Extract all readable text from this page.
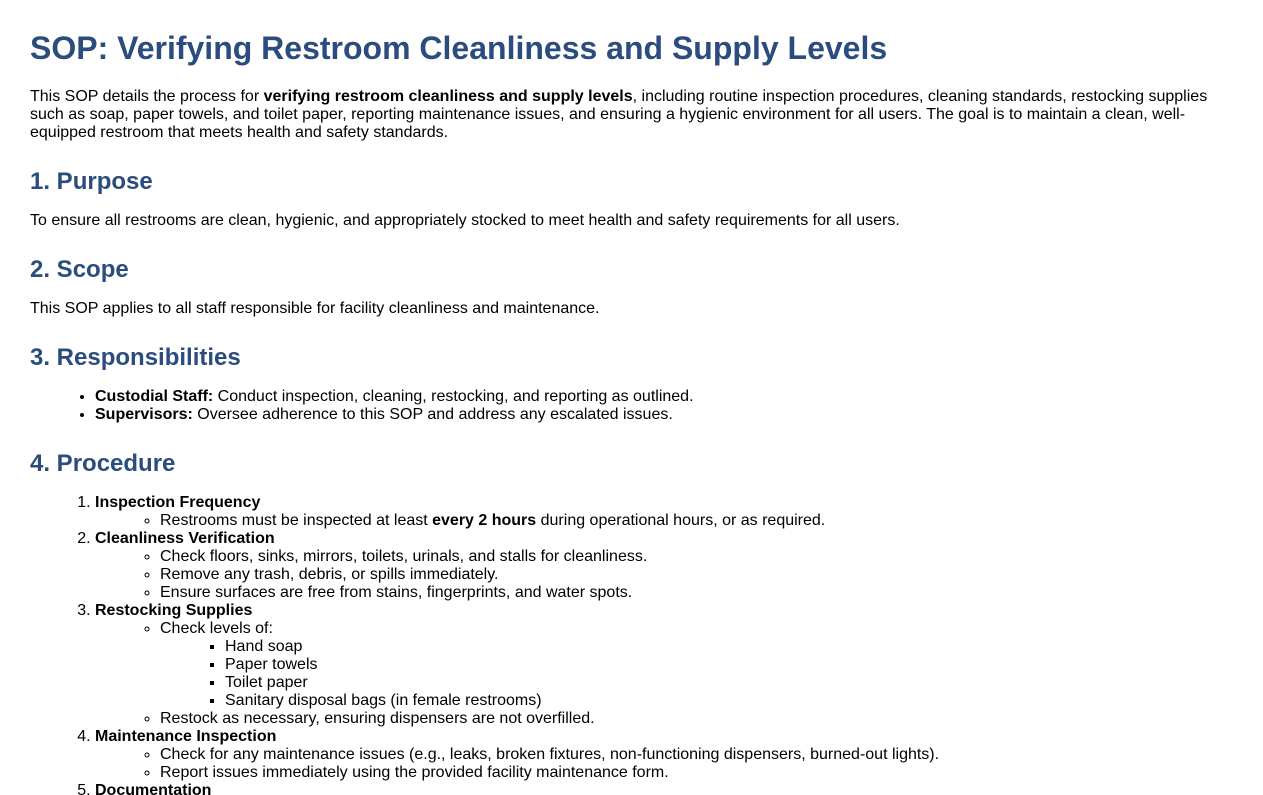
SOP: Verifying Restroom Cleanliness and Supply Levels

This SOP details the process for verifying restroom cleanliness and supply levels, including routine inspection procedures, cleaning standards, restocking supplies such as soap, paper towels, and toilet paper, reporting maintenance issues, and ensuring a hygienic environment for all users. The goal is to maintain a clean, well-equipped restroom that meets health and safety standards.

1. Purpose

To ensure all restrooms are clean, hygienic, and appropriately stocked to meet health and safety requirements for all users.

2. Scope

This SOP applies to all staff responsible for facility cleanliness and maintenance.

3. Responsibilities
• Custodial Staff: Conduct inspection, cleaning, restocking, and reporting as outlined.
• Supervisors: Oversee adherence to this SOP and address any escalated issues.
4. Procedure
1. Inspection Frequency
◦ Restrooms must be inspected at least every 2 hours during operational hours, or as required.
2. Cleanliness Verification
◦ Check floors, sinks, mirrors, toilets, urinals, and stalls for cleanliness.
◦ Remove any trash, debris, or spills immediately.
◦ Ensure surfaces are free from stains, fingerprints, and water spots.
3. Restocking Supplies
◦ Check levels of:
▪ Hand soap
▪ Paper towels
▪ Toilet paper
▪ Sanitary disposal bags (in female restrooms)
◦ Restock as necessary, ensuring dispensers are not overfilled.
4. Maintenance Inspection
◦ Check for any maintenance issues (e.g., leaks, broken fixtures, non-functioning dispensers, burned-out lights).
◦ Report issues immediately using the provided facility maintenance form.
5. Documentation
